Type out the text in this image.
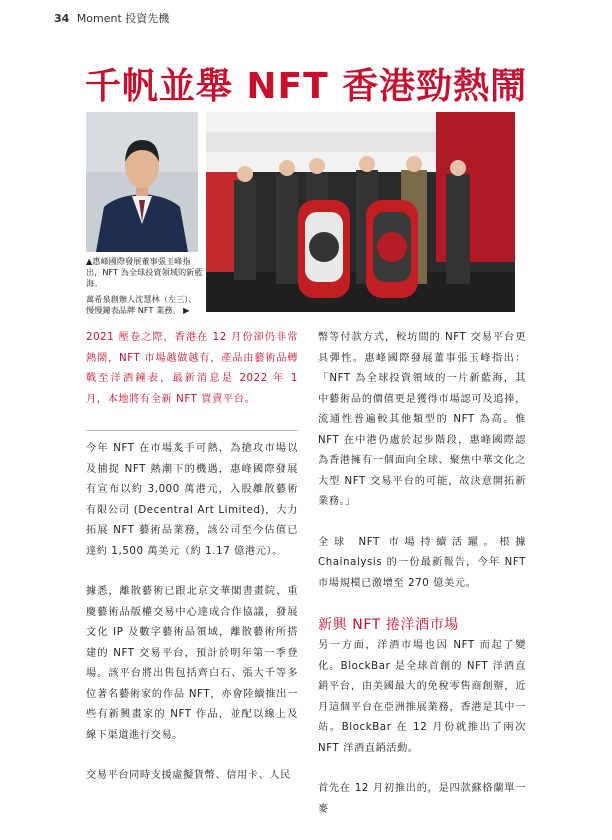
34 Moment 投資先機
千帆並舉 NFT 香港勁熱鬧
▲惠峰國際發展董事張玉峰指出，NFT 為全球投資領域的新藍海。
萬希泉創辦人沈慧林（左三）、慢慢鐘表品牌 NFT 業務。 ▶

2021 壓卷之際，香港在 12 月份卻仍非常熱鬧，NFT 市場越做越有，產品由藝術品轉戰至洋酒鐘表，最新消息是 2022 年 1 月，本地將有全新 NFT 買賣平台。

今年 NFT 在市場炙手可熱，為搶攻市場以及捕捉 NFT 熱潮下的機遇，惠峰國際發展有宣布以約 3,000 萬港元，入股離散藝術有限公司 (Decentral Art Limited)，大力拓展 NFT 藝術品業務，該公司至今估值已達約 1,500 萬美元（約 1.17 億港元）。

據悉，離散藝術已跟北京文華閣書畫院、重慶藝術品版權交易中心達成合作協議，發展文化 IP 及數字藝術品領域，離散藝術所搭建的 NFT 交易平台，預計於明年第一季登場。該平台將出售包括齊白石、張大千等多位著名藝術家的作品 NFT，亦會陸續推出一些有新興畫家的 NFT 作品，並配以線上及線下渠道進行交易。

交易平台同時支援虛擬貨幣、信用卡、人民

幣等付款方式，較坊間的 NFT 交易平台更具彈性。惠峰國際發展董事張玉峰指出：「NFT 為全球投資領域的一片新藍海，其中藝術品的價值更是獲得市場認可及追捧，流通性普遍較其他類型的 NFT 為高。惟 NFT 在中港仍處於起步階段，惠峰國際認為香港擁有一個面向全球、聚焦中華文化之大型 NFT 交易平台的可能，故決意開拓新業務。」

全球 NFT 市場持續活躍。根據 Chainalysis 的一份最新報告，今年 NFT 市場規模已激增至 270 億美元。

新興 NFT 捲洋酒市場

另一方面，洋酒市場也因 NFT 而起了變化。BlockBar 是全球首創的 NFT 洋酒直銷平台，由美國最大的免稅零售商創辦，近月這個平台在亞洲推展業務，香港是其中一站。BlockBar 在 12 月份就推出了兩次 NFT 洋酒直銷活動。

首先在 12 月初推出的，是四款蘇格蘭單一麥
